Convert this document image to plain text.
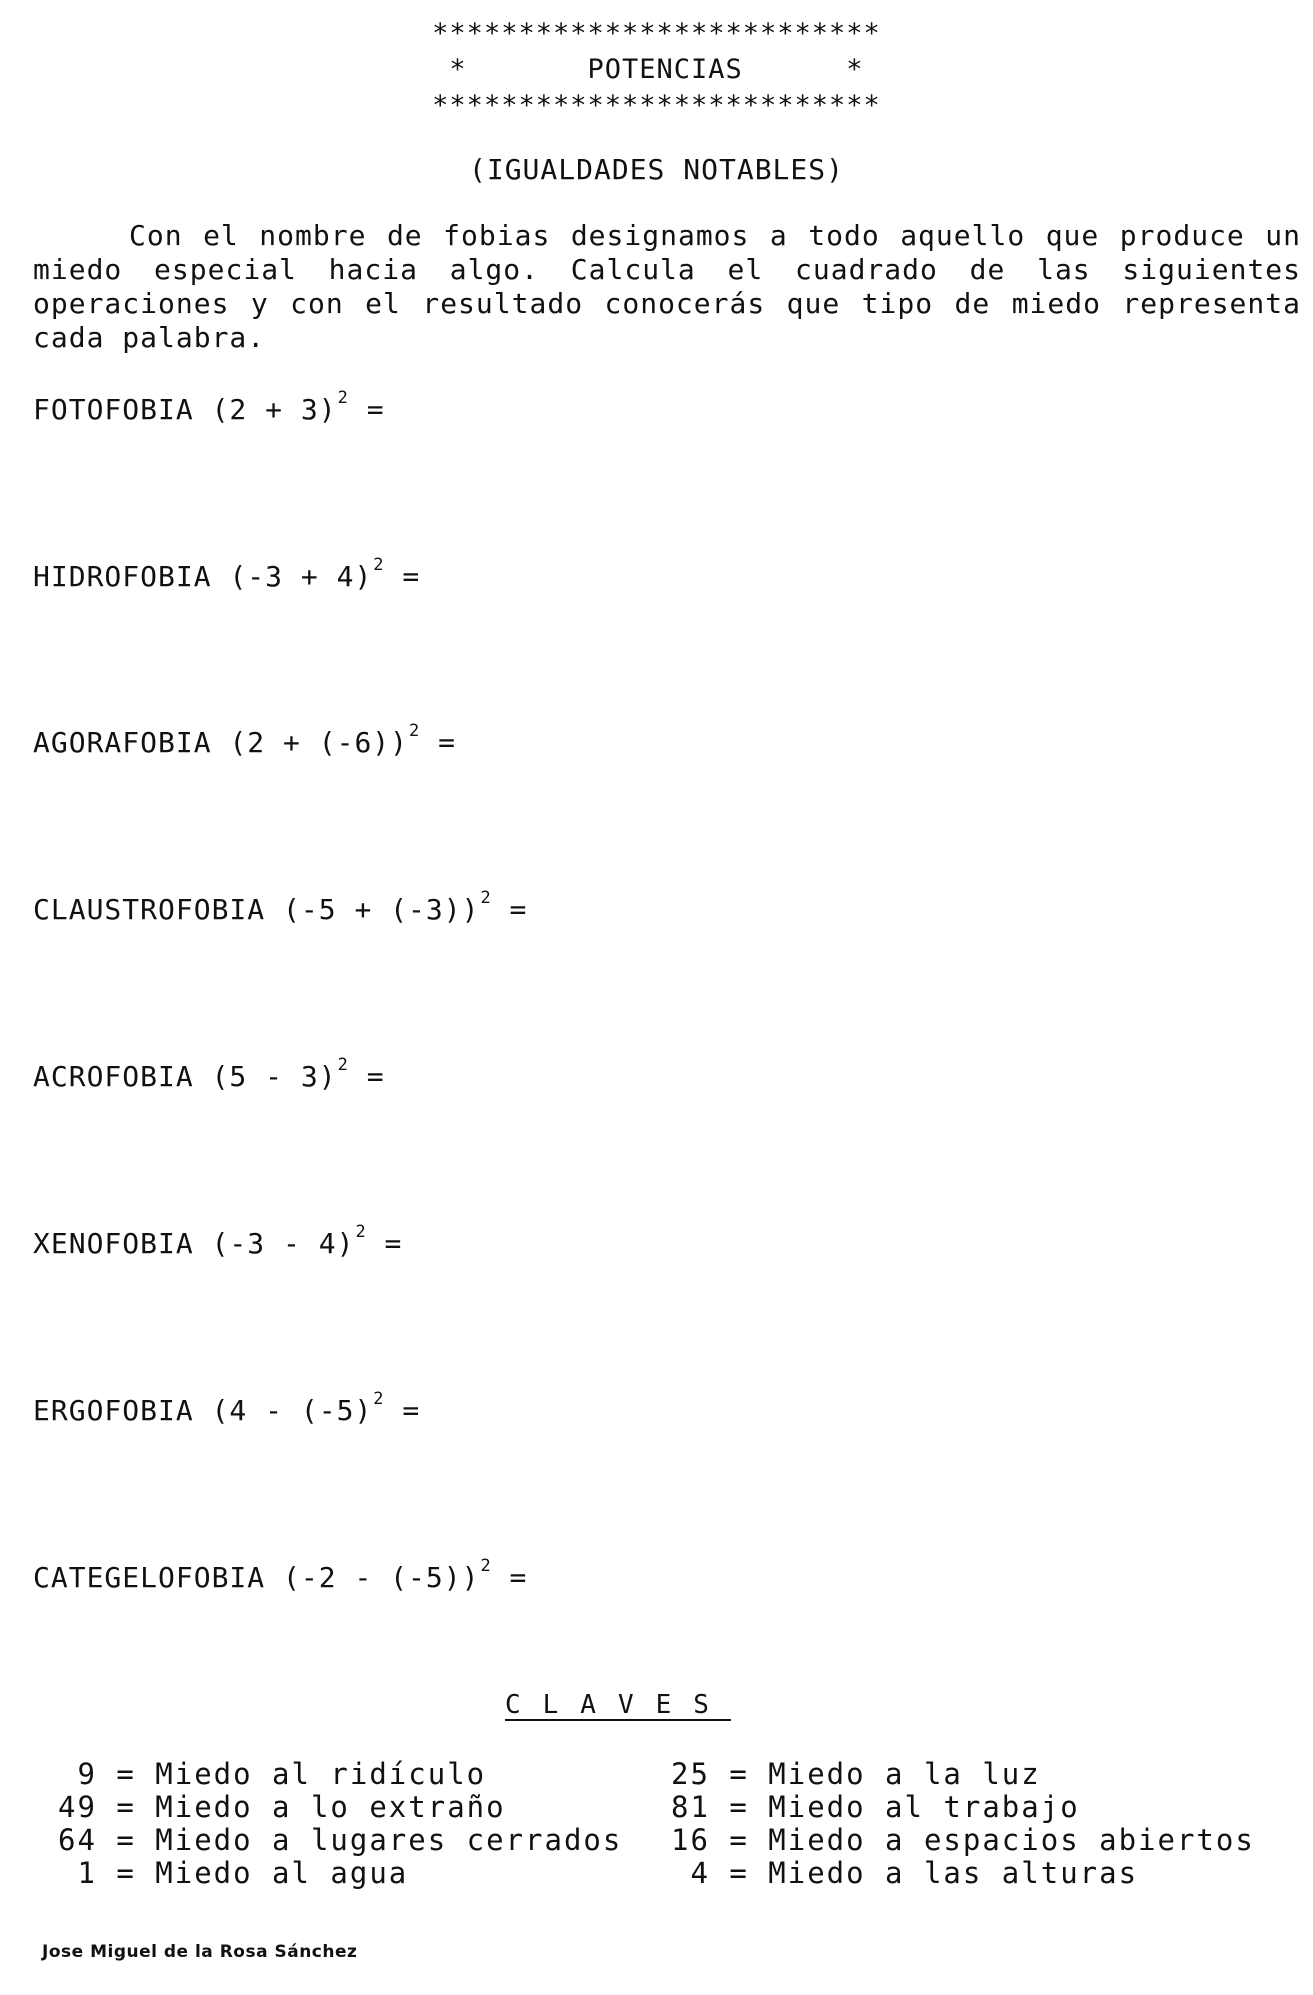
**************************
*       POTENCIAS      *
**************************
(IGUALDADES NOTABLES)
Con el nombre de fobias designamos a todo aquello que produce un miedo especial hacia algo. Calcula el cuadrado de las siguientes operaciones y con el resultado conocerás que tipo de miedo representa cada palabra.
FOTOFOBIA $(2 + 3)^2$ =
HIDROFOBIA $(-3 + 4)^2$ =
AGORAFOBIA $(2 + (-6))^2$ =
CLAUSTROFOBIA $(-5 + (-3))^2$ =
ACROFOBIA (5 - 3)$^2$ =
XENOFOBIA (-3 - 4)$^2$ =
ERGOFOBIA ($4 - (-5)^2$ =
CATEGELOFOBIA (-2 - (-5))$^2$ =
CLAVES
9 = Miedo al ridículo
49 = Miedo a lo extraño
64 = Miedo a lugares cerrados
1 = Miedo al agua
25 = Miedo a la luz
81 = Miedo al trabajo
16 = Miedo a espacios abiertos
4 = Miedo a las alturas
Jose Miguel de la Rosa Sánchez
